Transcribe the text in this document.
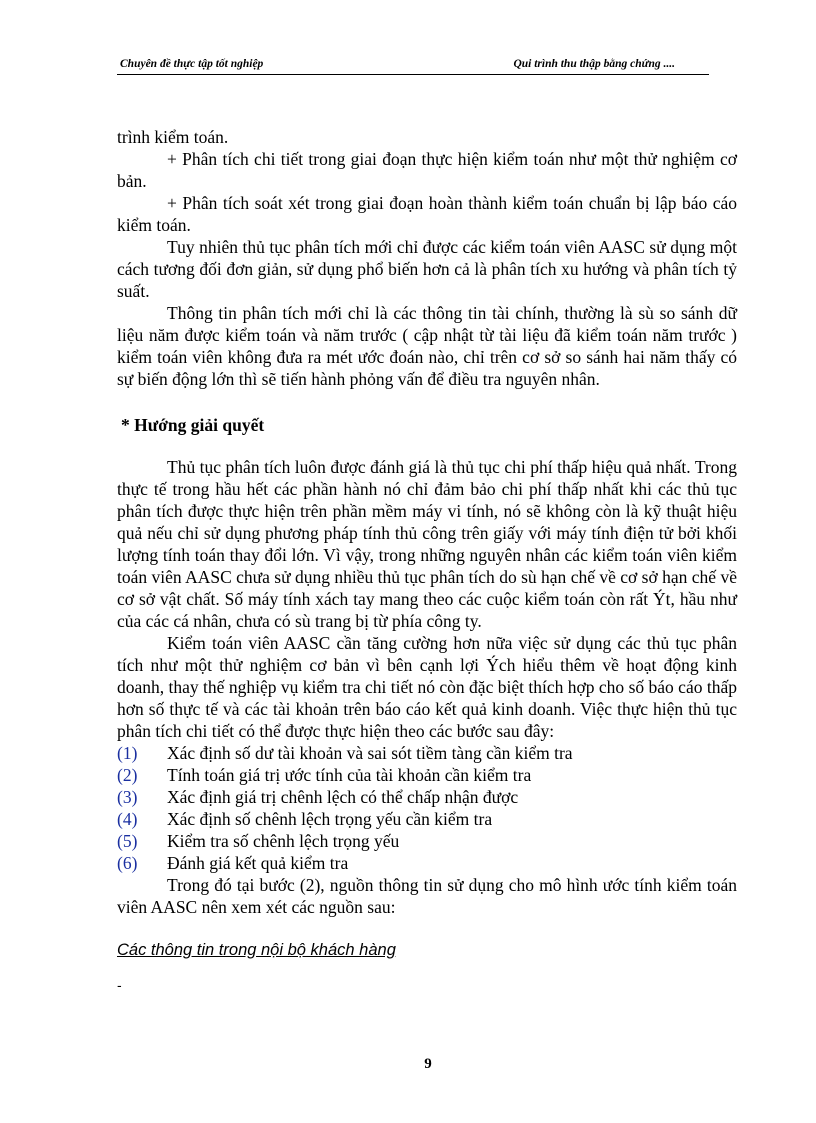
Chuyên đề thực tập tốt nghiệp	Qui trình thu thập bằng chứng ....

trình kiểm toán.

+ Phân tích chi tiết trong giai đoạn thực hiện kiểm toán như một thử nghiệm cơ bản.

+ Phân tích soát xét trong giai đoạn hoàn thành kiểm toán chuẩn bị lập báo cáo kiểm toán.

Tuy nhiên thủ tục phân tích mới chỉ được các kiểm toán viên AASC sử dụng một cách tương đối đơn giản, sử dụng phổ biến hơn cả là phân tích xu hướng và phân tích tỷ suất.

Thông tin phân tích mới chỉ là các thông tin tài chính, thường là sù so sánh dữ liệu năm được kiểm toán và năm trước ( cập nhật từ tài liệu đã kiểm toán năm trước ) kiểm toán viên không đưa ra mét ước đoán nào, chỉ trên cơ sở so sánh hai năm thấy có sự biến động lớn thì sẽ tiến hành phỏng vấn để điều tra nguyên nhân.

* Hướng giải quyết

Thủ tục phân tích luôn được đánh giá là thủ tục chi phí thấp hiệu quả nhất. Trong thực tế trong hầu hết các phần hành nó chỉ đảm bảo chi phí thấp nhất khi các thủ tục phân tích được thực hiện trên phần mềm máy vi tính, nó sẽ không còn là kỹ thuật hiệu quả nếu chỉ sử dụng phương pháp tính thủ công trên giấy với máy tính điện tử bởi khối lượng tính toán thay đổi lớn. Vì vậy, trong những nguyên nhân các kiểm toán viên kiểm toán viên AASC chưa sử dụng nhiều thủ tục phân tích do sù hạn chế về cơ sở hạn chế về cơ sở vật chất. Số máy tính xách tay mang theo các cuộc kiểm toán còn rất Ýt, hầu như của các cá nhân, chưa có sù trang bị từ phía công ty.

Kiểm toán viên AASC cần tăng cường hơn nữa việc sử dụng các thủ tục phân tích như một thử nghiệm cơ bản vì bên cạnh lợi Ých hiểu thêm về hoạt động kinh doanh, thay thế nghiệp vụ kiểm tra chi tiết nó còn đặc biệt thích hợp cho số báo cáo thấp hơn số thực tế và các tài khoản trên báo cáo kết quả kinh doanh. Việc thực hiện thủ tục phân tích chi tiết có thể được thực hiện theo các bước sau đây:

(1)	Xác định số dư tài khoản và sai sót tiềm tàng cần kiểm tra
(2)	Tính toán giá trị ước tính của tài khoản cần kiểm tra
(3)	Xác định giá trị chênh lệch có thể chấp nhận được
(4)	Xác định số chênh lệch trọng yếu cần kiểm tra
(5)	Kiểm tra số chênh lệch trọng yếu
(6)	Đánh giá kết quả kiểm tra

Trong đó tại bước (2), nguồn thông tin sử dụng cho mô hình ước tính kiểm toán viên AASC nên xem xét các nguồn sau:

Các thông tin trong nội bộ khách hàng

-

9
